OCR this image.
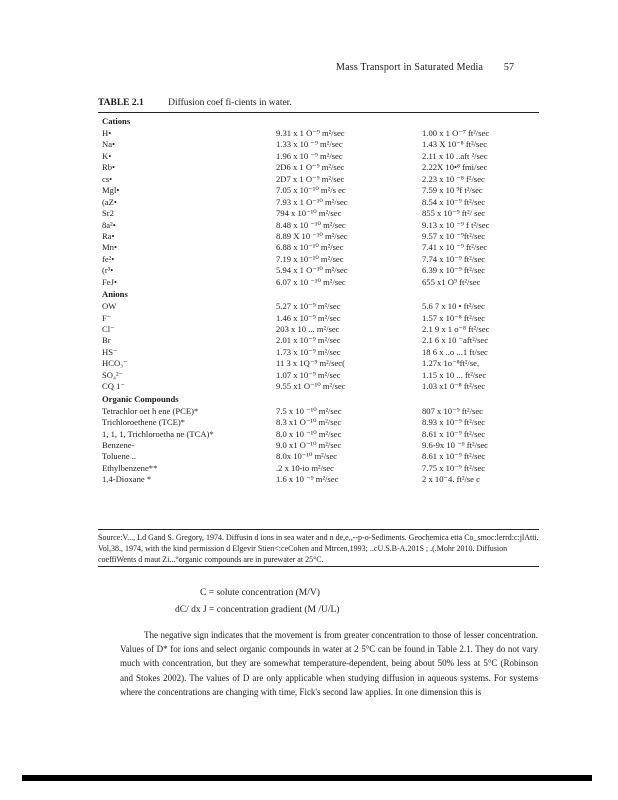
Mass Transport in Saturated Media 57
TABLE 2.1	Diffusion coef fi-cients in water.
Cations
H•	9.31 x 1 O⁻⁹ m²/sec	1.00 x 1 O⁻⁷ ft²/sec
Na•	1.33 x 10 ⁻⁹ m²/sec	1.43 X 10⁻⁸ ft²/sec
K•	1.96 x 10 ⁻⁹ m²/sec	2.11 x 10 ..aft ²/sec
Rb•	2D6 x 1 O⁻⁹ m²/sec	2.22X 10•⁸ fmi/sec
cs•	2D7 x 1 O⁻⁹ m²/sec	2.23 x 10 ⁻⁸ f²/sec
Mgl•	7.05 x 10⁻¹⁰ m²/s ec	7.59 x 10 ⁹f t²/sec
(aZ•	7.93 x 1 O⁻¹⁰ m²/sec	8.54 x 10⁻⁹ ft²/sec
Sr2	794 x 10⁻¹⁰ m²/sec	855 x 10⁻⁹ ft²/ sec
8a²•	8.48 x 10 ⁻¹⁰ m²/sec	9.13 x 10 ⁻⁹ f t²/sec
Ra•	8.89 X 10 ⁻¹⁰ m²/sec	9.57 x 10 ⁻⁹ft²/sec
Mn•	6.88 x 10⁻¹⁰ m²/sec	7.41 x 10 ⁻⁹ ft²/sec
fe²•	7.19 x 10⁻¹⁰ m²/sec	7.74 x 10⁻⁹ ft²/sec
(r³•	5.94 x 1 O⁻¹⁰ m²/sec	6.39 x 10⁻⁹ ft²/sec
FeJ•	6.07 x 10 ⁻¹⁰ m²/sec	655 x1 O⁹ ft²/sec
Anions
OW	5.27 x 10⁻⁹ m²/sec	5.6 7 x 10 • ft²/sec
F⁻	1.46 x 10⁻⁹ m²/sec	1.57 x 10⁻⁸ ft²/sec
Cl⁻	203 x 10 ... m²/sec	2.1 9 x 1 o⁻⁸ ft²/sec
Br	2.01 x 10⁻⁹ m²/sec	2.1 6 x 10 ⁻aft²/sec
HS⁻	1.73 x 10⁻⁹ m²/sec	18 6 x ..o ...1 ft/sec
HCO₃⁻	11 3 x 1Q⁻⁹ m²/sec(	1.27x 1o⁻⁸ft²/se,
SO₄²⁻	1.07 x 10⁻⁹ m²/sec	1.15 x 10 ... ft²/sec
CQ 1⁻	9.55 x1 O⁻¹⁰ m²/sec	1.03 x1 0⁻⁸ ft²/sec
Organic Compounds
Tetrachlor oet h ene (PCE)*	7.5 x 10 ⁻¹⁰ m²/sec	807 x 10⁻⁹ ft²/sec
Trichloroethene (TCE)*	8.3 x1 O⁻¹⁰ m²/sec	8.93 x 10⁻⁹ ft²/sec
1, 1, 1, Trichloroetha ne (TCA)*	8.0 x 10 ⁻¹⁰ m²/sec	8.61 x 10⁻⁹ ft²/sec
Benzene-	9.0 x1 O⁻¹⁰ m²/sec	9.6-9x 10 ⁻⁹ ft²/sec
Toluene ..	8.0x 10⁻¹⁰ m²/sec	8.61 x 10⁻⁹ ft²/sec
Ethylbenzene**	.2 x 10-io m²/sec	7.75 x 10⁻⁹ ft²/sec
1,4-Dioxane *	1.6 x 10 ⁻⁹ m²/sec	2 x 10⁻4. ft²/se c
Source:V..., Ld Gand S. Gregory, 1974. Diffusin d ions in sea water and n de,e,,--p-o-Sediments. Geochemica etta Co_smoc:lerrd:c:jlAtti. Vol,38., 1974, with the kind permission d Elgevir Stien<:ceCohen and Mtrcen,1993; ..cU.S.B-A.201S ; .(.Mohr 2010. Diffusion coeffiWents d maut Zi...°organic compounds are in purewater at 25°C.
C = solute concentration (M/V)
dC/ dx J = concentration gradient (M /U/L)
The negative sign indicates that the movement is from greater concentration to those of lesser concentration. Values of D* for ions and select organic compounds in water at 2 5°C can be found in Table 2.1. They do not vary much with concentration, but they are somewhat temperature-dependent, being about 50% less at 5°C (Robinson and Stokes 2002). The values of D are only applicable when studying diffusion in aqueous systems. For systems where the concentrations are changing with time, Fick's second law applies. In one dimension this is
